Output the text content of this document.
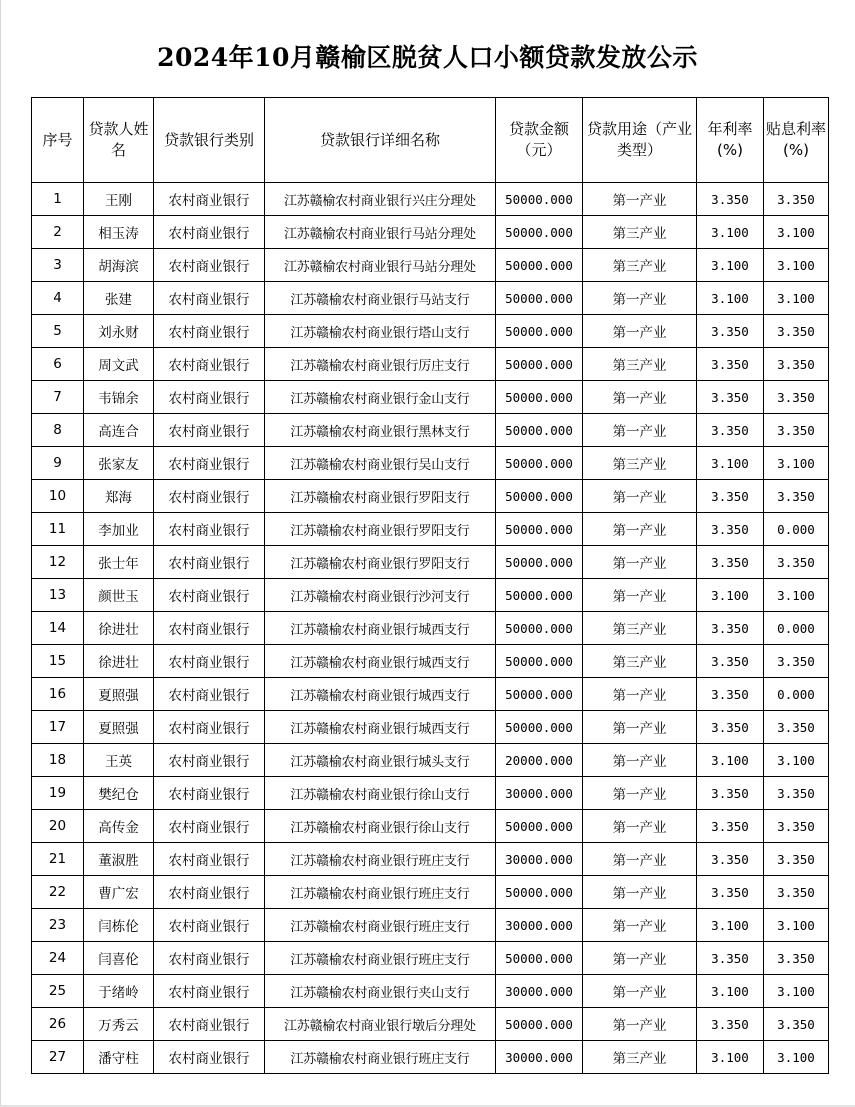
2024年10月赣榆区脱贫人口小额贷款发放公示
序号	贷款人姓名	贷款银行类别	贷款银行详细名称	贷款金额（元）	贷款用途（产业类型）	年利率(%)	贴息利率(%)
1	王刚	农村商业银行	江苏赣榆农村商业银行兴庄分理处	50000.000	第一产业	3.350	3.350
2	相玉涛	农村商业银行	江苏赣榆农村商业银行马站分理处	50000.000	第三产业	3.100	3.100
3	胡海滨	农村商业银行	江苏赣榆农村商业银行马站分理处	50000.000	第三产业	3.100	3.100
4	张建	农村商业银行	江苏赣榆农村商业银行马站支行	50000.000	第一产业	3.100	3.100
5	刘永财	农村商业银行	江苏赣榆农村商业银行塔山支行	50000.000	第一产业	3.350	3.350
6	周文武	农村商业银行	江苏赣榆农村商业银行厉庄支行	50000.000	第三产业	3.350	3.350
7	韦锦余	农村商业银行	江苏赣榆农村商业银行金山支行	50000.000	第一产业	3.350	3.350
8	高连合	农村商业银行	江苏赣榆农村商业银行黑林支行	50000.000	第一产业	3.350	3.350
9	张家友	农村商业银行	江苏赣榆农村商业银行吴山支行	50000.000	第三产业	3.100	3.100
10	郑海	农村商业银行	江苏赣榆农村商业银行罗阳支行	50000.000	第一产业	3.350	3.350
11	李加业	农村商业银行	江苏赣榆农村商业银行罗阳支行	50000.000	第一产业	3.350	0.000
12	张士年	农村商业银行	江苏赣榆农村商业银行罗阳支行	50000.000	第一产业	3.350	3.350
13	颜世玉	农村商业银行	江苏赣榆农村商业银行沙河支行	50000.000	第一产业	3.100	3.100
14	徐进壮	农村商业银行	江苏赣榆农村商业银行城西支行	50000.000	第三产业	3.350	0.000
15	徐进壮	农村商业银行	江苏赣榆农村商业银行城西支行	50000.000	第三产业	3.350	3.350
16	夏照强	农村商业银行	江苏赣榆农村商业银行城西支行	50000.000	第一产业	3.350	0.000
17	夏照强	农村商业银行	江苏赣榆农村商业银行城西支行	50000.000	第一产业	3.350	3.350
18	王英	农村商业银行	江苏赣榆农村商业银行城头支行	20000.000	第一产业	3.100	3.100
19	樊纪仓	农村商业银行	江苏赣榆农村商业银行徐山支行	30000.000	第一产业	3.350	3.350
20	高传金	农村商业银行	江苏赣榆农村商业银行徐山支行	50000.000	第一产业	3.350	3.350
21	董淑胜	农村商业银行	江苏赣榆农村商业银行班庄支行	30000.000	第一产业	3.350	3.350
22	曹广宏	农村商业银行	江苏赣榆农村商业银行班庄支行	50000.000	第一产业	3.350	3.350
23	闫栋伦	农村商业银行	江苏赣榆农村商业银行班庄支行	30000.000	第一产业	3.100	3.100
24	闫喜伦	农村商业银行	江苏赣榆农村商业银行班庄支行	50000.000	第一产业	3.350	3.350
25	于绪岭	农村商业银行	江苏赣榆农村商业银行夹山支行	30000.000	第一产业	3.100	3.100
26	万秀云	农村商业银行	江苏赣榆农村商业银行墩后分理处	50000.000	第一产业	3.350	3.350
27	潘守柱	农村商业银行	江苏赣榆农村商业银行班庄支行	30000.000	第三产业	3.100	3.100
